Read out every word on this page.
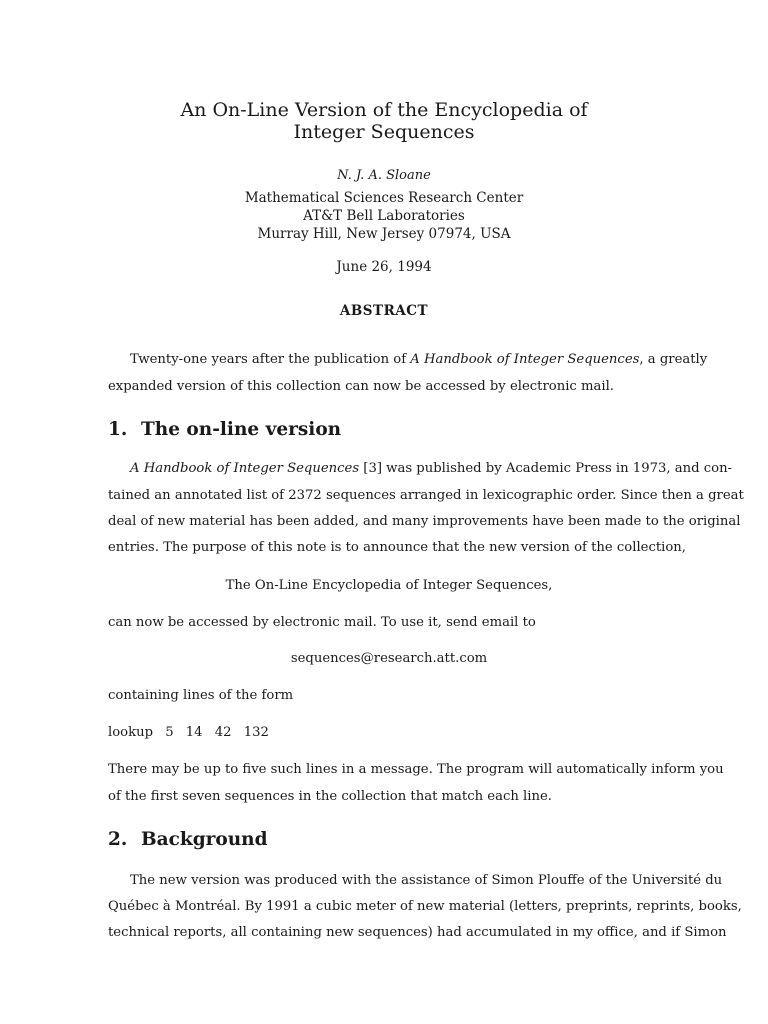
An On-Line Version of the Encyclopedia of
Integer Sequences
N. J. A. Sloane
Mathematical Sciences Research Center
AT&T Bell Laboratories
Murray Hill, New Jersey 07974, USA
June 26, 1994
ABSTRACT
Twenty-one years after the publication of A Handbook of Integer Sequences, a greatly
expanded version of this collection can now be accessed by electronic mail.
1. The on-line version
A Handbook of Integer Sequences [3] was published by Academic Press in 1973, and con-
tained an annotated list of 2372 sequences arranged in lexicographic order. Since then a great
deal of new material has been added, and many improvements have been made to the original
entries. The purpose of this note is to announce that the new version of the collection,
The On-Line Encyclopedia of Integer Sequences,
can now be accessed by electronic mail. To use it, send email to
sequences@research.att.com
containing lines of the form
lookup 5 14 42 132
There may be up to five such lines in a message. The program will automatically inform you
of the first seven sequences in the collection that match each line.
2. Background
The new version was produced with the assistance of Simon Plouffe of the Université du
Québec à Montréal. By 1991 a cubic meter of new material (letters, preprints, reprints, books,
technical reports, all containing new sequences) had accumulated in my office, and if Simon
